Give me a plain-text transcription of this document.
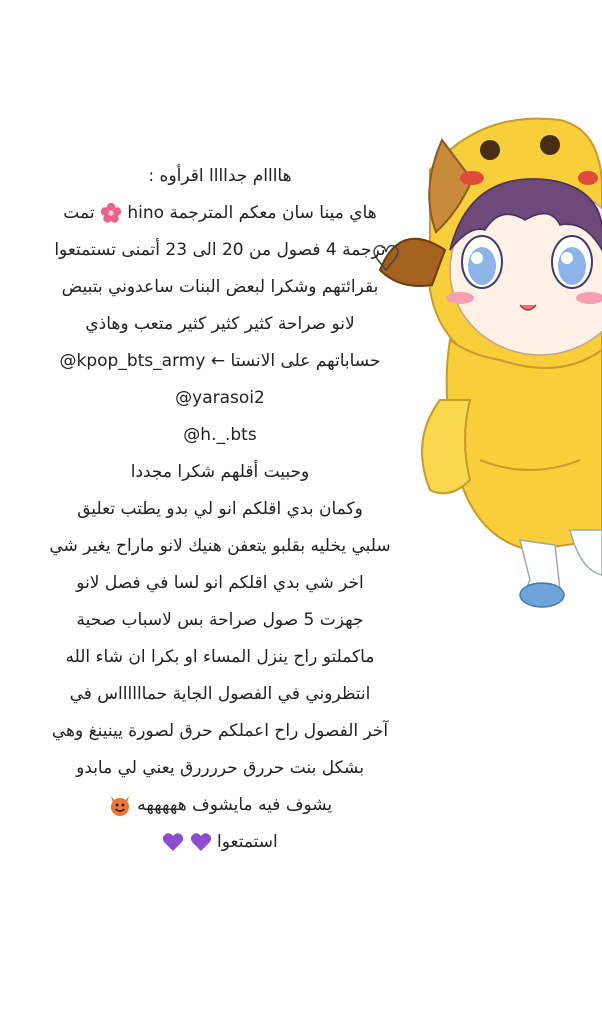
هاااام جداااا اقرأوه :
هاي مينا سان معكم المترجمة hino  تمت
ترجمة 4 فصول من 20 الى 23 أتمنى تستمتعوا
بقرائتهم وشكرا لبعض البنات ساعدوني بتبيض
لانو صراحة كثير كثير كثير متعب وهاذي
حساباتهم على الانستا ← @kpop_bts_army
@yarasoi2
@h._.bts
وحبيت أقلهم شكرا مجددا
وكمان بدي اقلكم انو لي بدو يطتب تعليق
سلبي يخليه بقلبو يتعفن هنيك لانو ماراح يغير شي
اخر شي بدي اقلكم انو لسا في فصل لانو
جهزت 5 صول صراحة بس لاسباب صحية
ماكملتو راح ينزل المساء او بكرا ان شاء الله
انتظروني في الفصول الجاية حمااااااس في
آخر الفصول راح اعملكم حرق لصورة يينينغ وهي
بشكل بنت حررق حررررق يعني لي مابدو
يشوف فيه مايشوف هههههه
استمتعوا
